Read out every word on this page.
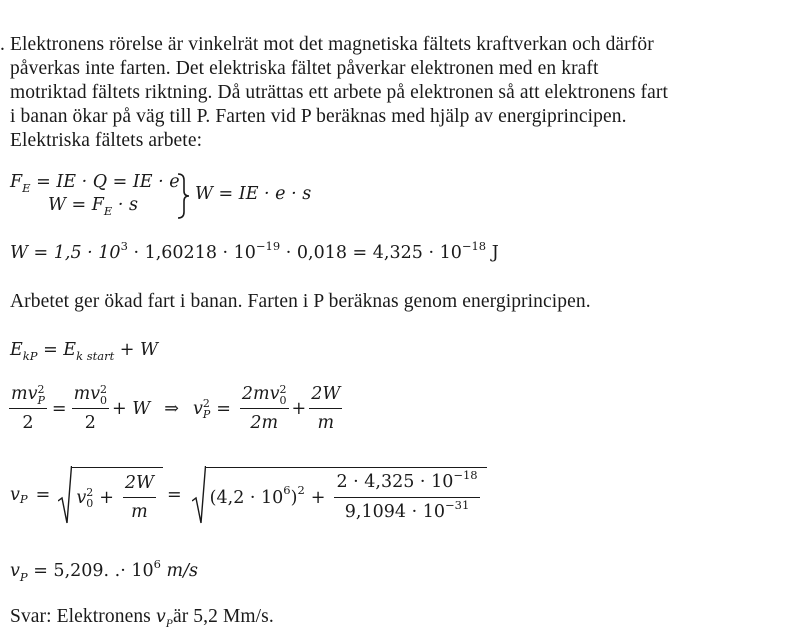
. Elektronens rörelse är vinkelrät mot det magnetiska fältets kraftverkan och därför
påverkas inte farten. Det elektriska fältet påverkar elektronen med en kraft
motriktad fältets riktning. Då uträttas ett arbete på elektronen så att elektronens fart
i banan ökar på väg till P. Farten vid P beräknas med hjälp av energiprincipen.
Elektriska fältets arbete:
$F_E$ = IE · Q = IE · e
$W = F_E \cdot s$
W = IE · e · s
$W = 1,5 \cdot 10^3 \cdot 1,60218 \cdot 10^{-19} \cdot 0,018 = 4,325 \cdot 10^{-18}$ J
Arbetet ger ökad fart i banan. Farten i P beräknas genom energiprincipen.
$E_{kP} = E_{k start} + W$
mv 2
P
2 = mv 2
0
2 + W ⇒ v 2
P = 2mv 2
0
$2m + \frac{2W}{m}$
v P = v 2
$0 + \frac{2W}{m} = (4,2 \cdot 10$ 6 ) $2 + \frac{2 \cdot 4,325 \cdot 10^{-18}}{9,1094 \cdot 10^{-31}}$
$v_P = 5,209$. .· $10^6$ m/s
Svar: Elektronens $v_Pär$ 5,2 Mm/s.
